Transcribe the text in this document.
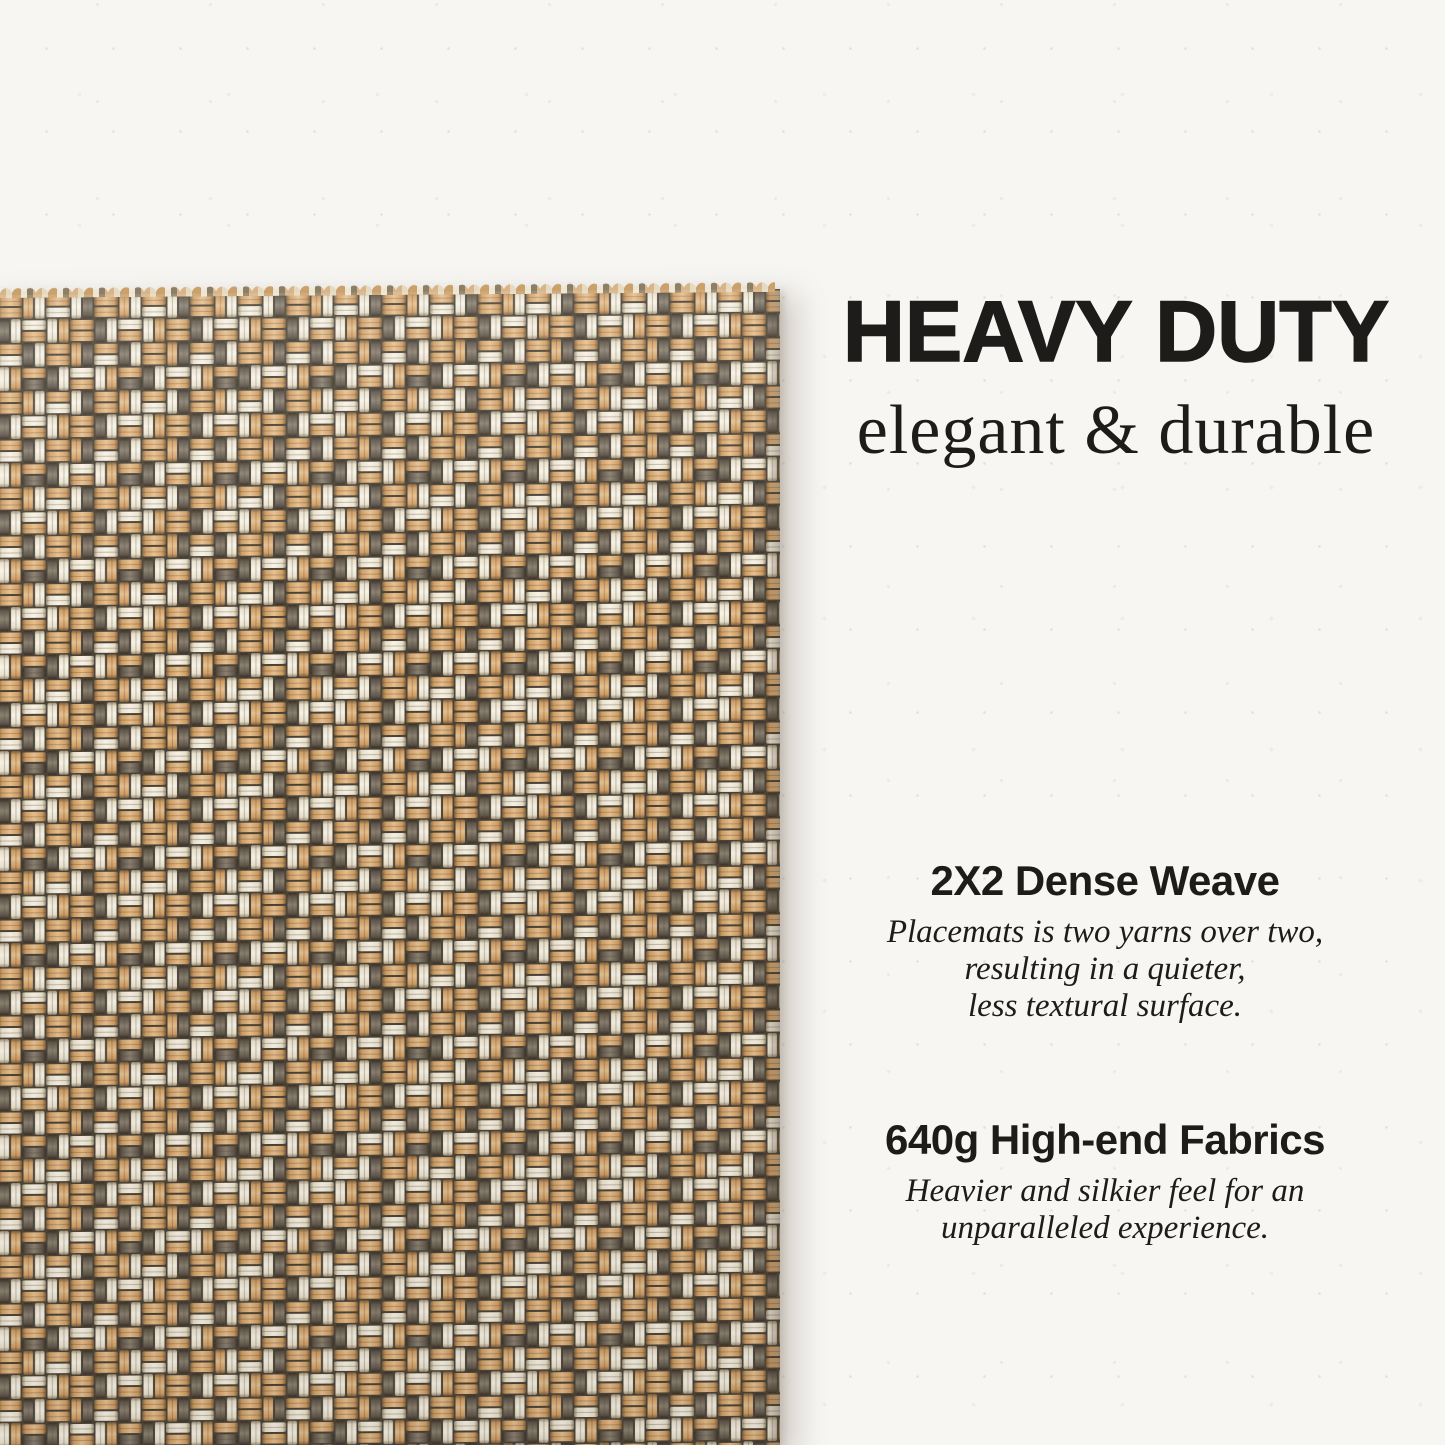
HEAVY DUTY
elegant & durable
2X2 Dense Weave
Placemats is two yarns over two,
resulting in a quieter,
less textural surface.
640g High-end Fabrics
Heavier and silkier feel for an
unparalleled experience.
